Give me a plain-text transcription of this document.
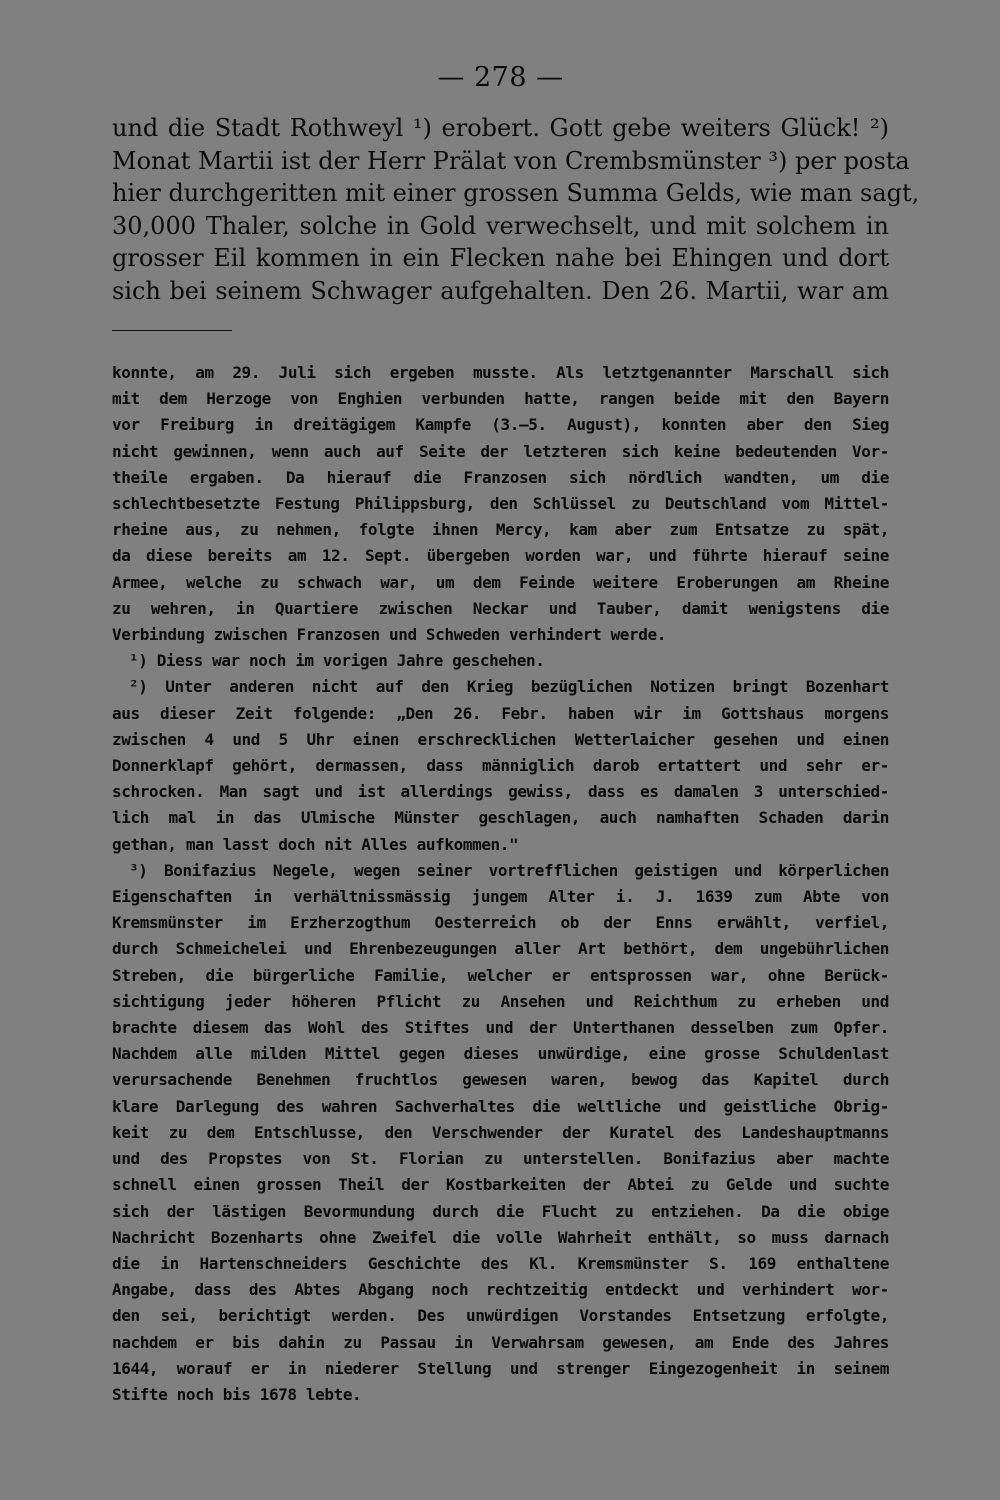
— 278 —
und die Stadt Rothweyl ¹) erobert. Gott gebe weiters Glück! ²)
Monat Martii ist der Herr Prälat von Crembsmünster ³) per posta
hier durchgeritten mit einer grossen Summa Gelds, wie man sagt,
30,000 Thaler, solche in Gold verwechselt, und mit solchem in
grosser Eil kommen in ein Flecken nahe bei Ehingen und dort
sich bei seinem Schwager aufgehalten. Den 26. Martii, war am
konnte, am 29. Juli sich ergeben musste. Als letztgenannter Marschall sich
mit dem Herzoge von Enghien verbunden hatte, rangen beide mit den Bayern
vor Freiburg in dreitägigem Kampfe (3.—5. August), konnten aber den Sieg
nicht gewinnen, wenn auch auf Seite der letzteren sich keine bedeutenden Vor-
theile ergaben. Da hierauf die Franzosen sich nördlich wandten, um die
schlechtbesetzte Festung Philippsburg, den Schlüssel zu Deutschland vom Mittel-
rheine aus, zu nehmen, folgte ihnen Mercy, kam aber zum Entsatze zu spät,
da diese bereits am 12. Sept. übergeben worden war, und führte hierauf seine
Armee, welche zu schwach war, um dem Feinde weitere Eroberungen am Rheine
zu wehren, in Quartiere zwischen Neckar und Tauber, damit wenigstens die
Verbindung zwischen Franzosen und Schweden verhindert werde.
¹) Diess war noch im vorigen Jahre geschehen.
²) Unter anderen nicht auf den Krieg bezüglichen Notizen bringt Bozenhart
aus dieser Zeit folgende: „Den 26. Febr. haben wir im Gottshaus morgens
zwischen 4 und 5 Uhr einen erschrecklichen Wetterlaicher gesehen und einen
Donnerklapf gehört, dermassen, dass männiglich darob ertattert und sehr er-
schrocken. Man sagt und ist allerdings gewiss, dass es damalen 3 unterschied-
lich mal in das Ulmische Münster geschlagen, auch namhaften Schaden darin
gethan, man lasst doch nit Alles aufkommen."
³) Bonifazius Negele, wegen seiner vortrefflichen geistigen und körperlichen
Eigenschaften in verhältnissmässig jungem Alter i. J. 1639 zum Abte von
Kremsmünster im Erzherzogthum Oesterreich ob der Enns erwählt, verfiel,
durch Schmeichelei und Ehrenbezeugungen aller Art bethört, dem ungebührlichen
Streben, die bürgerliche Familie, welcher er entsprossen war, ohne Berück-
sichtigung jeder höheren Pflicht zu Ansehen und Reichthum zu erheben und
brachte diesem das Wohl des Stiftes und der Unterthanen desselben zum Opfer.
Nachdem alle milden Mittel gegen dieses unwürdige, eine grosse Schuldenlast
verursachende Benehmen fruchtlos gewesen waren, bewog das Kapitel durch
klare Darlegung des wahren Sachverhaltes die weltliche und geistliche Obrig-
keit zu dem Entschlusse, den Verschwender der Kuratel des Landeshauptmanns
und des Propstes von St. Florian zu unterstellen. Bonifazius aber machte
schnell einen grossen Theil der Kostbarkeiten der Abtei zu Gelde und suchte
sich der lästigen Bevormundung durch die Flucht zu entziehen. Da die obige
Nachricht Bozenharts ohne Zweifel die volle Wahrheit enthält, so muss darnach
die in Hartenschneiders Geschichte des Kl. Kremsmünster S. 169 enthaltene
Angabe, dass des Abtes Abgang noch rechtzeitig entdeckt und verhindert wor-
den sei, berichtigt werden. Des unwürdigen Vorstandes Entsetzung erfolgte,
nachdem er bis dahin zu Passau in Verwahrsam gewesen, am Ende des Jahres
1644, worauf er in niederer Stellung und strenger Eingezogenheit in seinem
Stifte noch bis 1678 lebte.
